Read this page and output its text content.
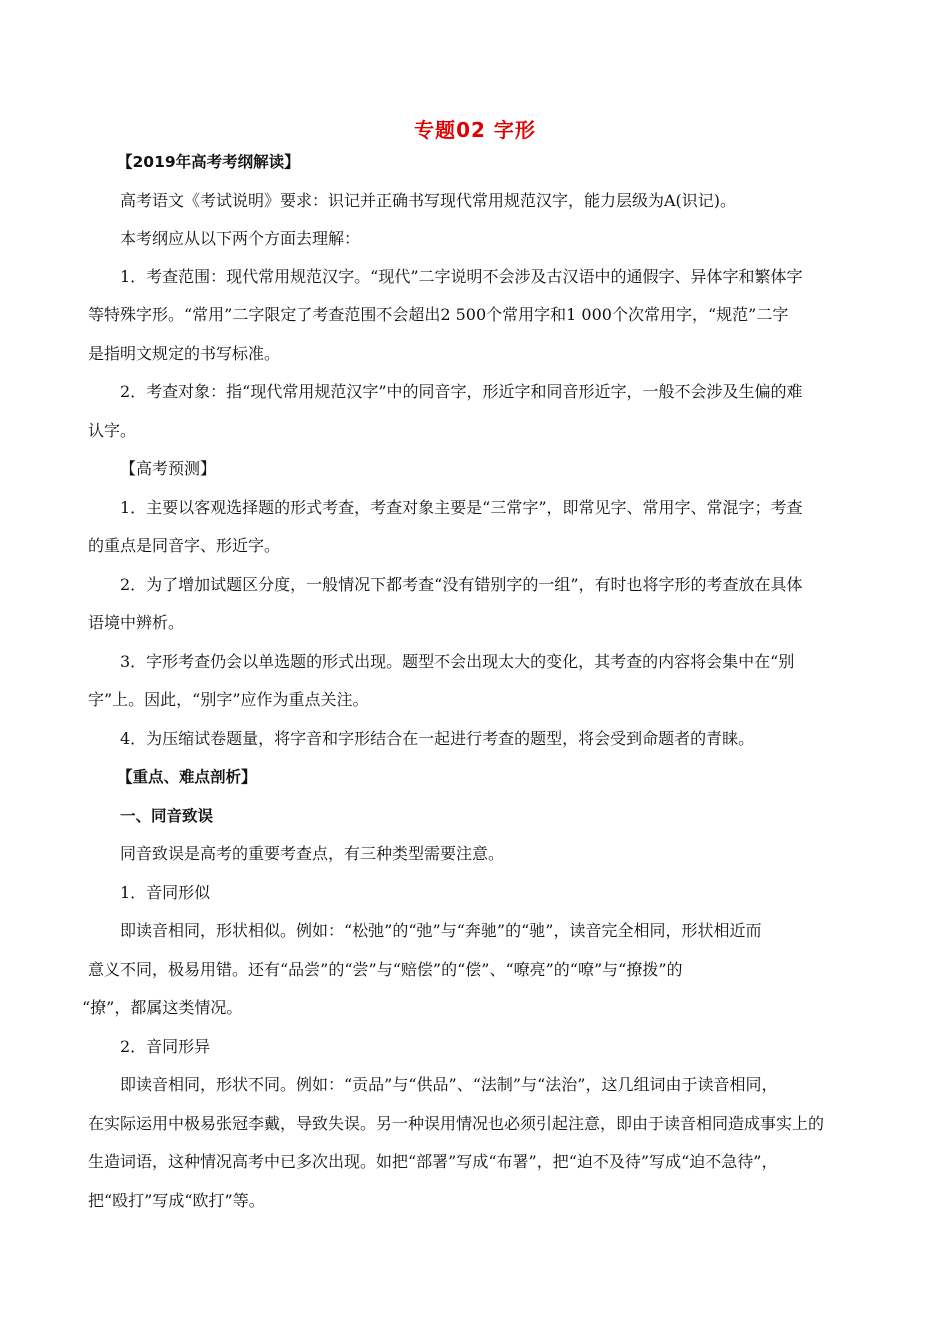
专题02 字形
【2019年高考考纲解读】
高考语文《考试说明》要求：识记并正确书写现代常用规范汉字，能力层级为A(识记)。
本考纲应从以下两个方面去理解：
1．考查范围：现代常用规范汉字。“现代”二字说明不会涉及古汉语中的通假字、异体字和繁体字
等特殊字形。“常用”二字限定了考查范围不会超出2 500个常用字和1 000个次常用字，“规范”二字
是指明文规定的书写标准。
2．考查对象：指“现代常用规范汉字”中的同音字，形近字和同音形近字，一般不会涉及生偏的难
认字。
【高考预测】
1．主要以客观选择题的形式考查，考查对象主要是“三常字”，即常见字、常用字、常混字；考查
的重点是同音字、形近字。
2．为了增加试题区分度，一般情况下都考查“没有错别字的一组”，有时也将字形的考查放在具体
语境中辨析。
3．字形考查仍会以单选题的形式出现。题型不会出现太大的变化，其考查的内容将会集中在“别
字”上。因此，“别字”应作为重点关注。
4．为压缩试卷题量，将字音和字形结合在一起进行考查的题型，将会受到命题者的青睐。
【重点、难点剖析】
一、同音致误
同音致误是高考的重要考查点，有三种类型需要注意。
1．音同形似
即读音相同，形状相似。例如：“松弛”的“弛”与“奔驰”的“驰”，读音完全相同，形状相近而
意义不同，极易用错。还有“品尝”的“尝”与“赔偿”的“偿”、“嘹亮”的“嘹”与“撩拨”的
“撩”，都属这类情况。
2．音同形异
即读音相同，形状不同。例如：“贡品”与“供品”、“法制”与“法治”，这几组词由于读音相同，
在实际运用中极易张冠李戴，导致失误。另一种误用情况也必须引起注意，即由于读音相同造成事实上的
生造词语，这种情况高考中已多次出现。如把“部署”写成“布署”，把“迫不及待”写成“迫不急待”，
把“殴打”写成“欧打”等。
